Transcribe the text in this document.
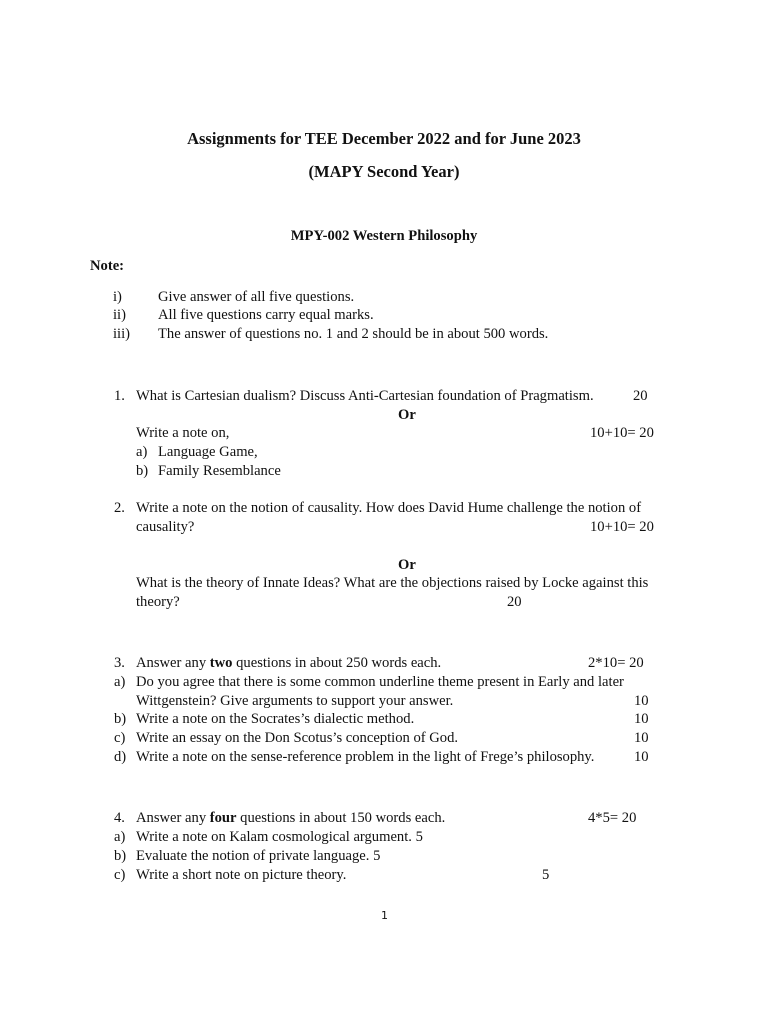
Assignments for TEE December 2022 and for June 2023
(MAPY Second Year)
MPY-002 Western Philosophy
Note:
i) Give answer of all five questions.
ii) All five questions carry equal marks.
iii) The answer of questions no. 1 and 2 should be in about 500 words.
1. What is Cartesian dualism? Discuss Anti-Cartesian foundation of Pragmatism.	20
Or
Write a note on,	10+10= 20
a) Language Game,
b) Family Resemblance
2. Write a note on the notion of causality. How does David Hume challenge the notion of
causality?	10+10= 20
Or
What is the theory of Innate Ideas? What are the objections raised by Locke against this
theory?	20
3. Answer any two questions in about 250 words each.	2*10= 20
a) Do you agree that there is some common underline theme present in Early and later
Wittgenstein? Give arguments to support your answer.	10
b) Write a note on the Socrates’s dialectic method.	10
c) Write an essay on the Don Scotus’s conception of God.	10
d) Write a note on the sense-reference problem in the light of Frege’s philosophy.	10
4. Answer any four questions in about 150 words each.	4*5= 20
a) Write a note on Kalam cosmological argument. 5
b) Evaluate the notion of private language. 5
c) Write a short note on picture theory.	5
1
